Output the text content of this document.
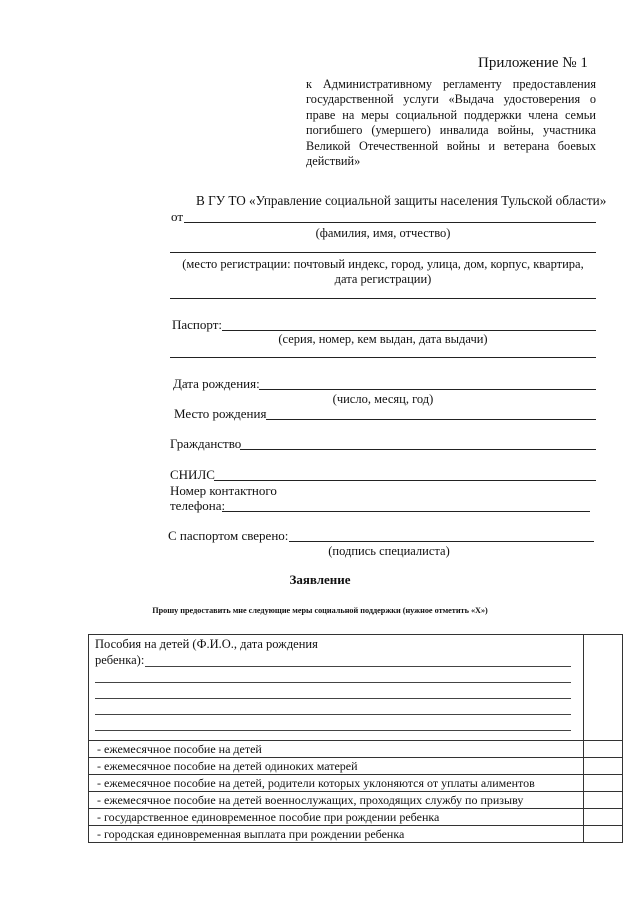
Приложение № 1
к Административному регламенту предоставления государственной услуги «Выдача удостоверения о праве на меры социальной поддержки члена семьи погибшего (умершего) инвалида войны, участника Великой Отечественной войны и ветерана боевых действий»
В ГУ ТО «Управление социальной защиты населения Тульской области»
от
(фамилия, имя, отчество)
(место регистрации: почтовый индекс, город, улица, дом, корпус, квартира,
дата регистрации)
Паспорт:
(серия, номер, кем выдан, дата выдачи)
Дата рождения:
(число, месяц, год)
Место рождения
Гражданство
СНИЛС
Номер контактного
телефона:
С паспортом сверено:
(подпись специалиста)
Заявление
Прошу предоставить мне следующие меры социальной поддержки (нужное отметить «Х»)
Пособия на детей (Ф.И.О., дата рождения
ребенка):	

- ежемесячное пособие на детей	
- ежемесячное пособие на детей одиноких матерей	
- ежемесячное пособие на детей, родители которых уклоняются от уплаты алиментов	
- ежемесячное пособие на детей военнослужащих, проходящих службу по призыву	
- государственное единовременное пособие при рождении ребенка	
- городская единовременная выплата при рождении ребенка	
